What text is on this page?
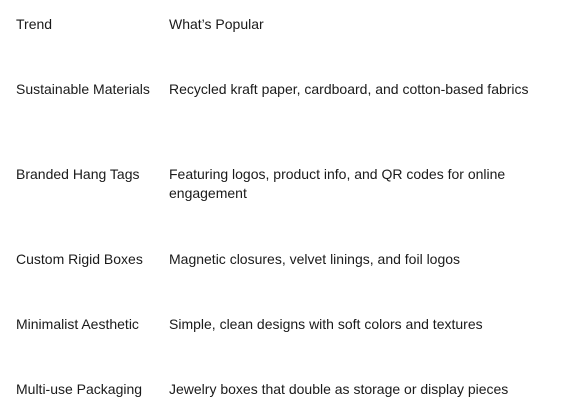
Trend	What’s Popular
Sustainable Materials	Recycled kraft paper, cardboard, and cotton-based fabrics
Branded Hang Tags	Featuring logos, product info, and QR codes for online engagement
Custom Rigid Boxes	Magnetic closures, velvet linings, and foil logos
Minimalist Aesthetic	Simple, clean designs with soft colors and textures
Multi-use Packaging	Jewelry boxes that double as storage or display pieces
